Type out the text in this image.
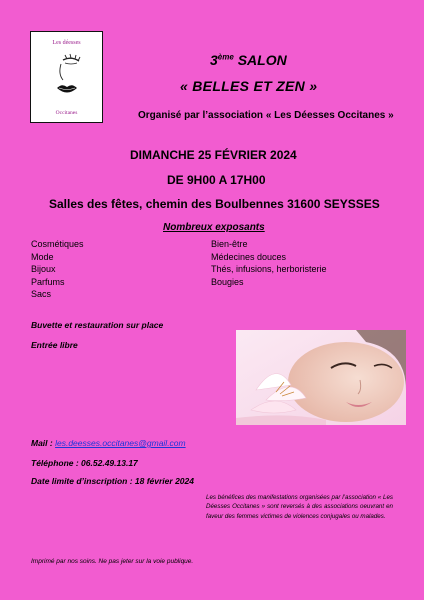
Les déesses
Occitanes
3ème SALON
« BELLES ET ZEN »
Organisé par l’association « Les Déesses Occitanes »
DIMANCHE 25 FÉVRIER 2024
DE 9H00 A 17H00
Salles des fêtes, chemin des Boulbennes 31600 SEYSSES
Nombreux exposants
Cosmétiques
Mode
Bijoux
Parfums
Sacs
Bien-être
Médecines douces
Thés, infusions, herboristerie
Bougies
Buvette et restauration sur place
Entrée libre
Mail : les.deesses.occitanes@gmail.com
Téléphone : 06.52.49.13.17
Date limite d’inscription : 18 février 2024
Les bénéfices des manifestations organisées par l’association « Les Déesses Occitanes » sont reversés à des associations oeuvrant en faveur des femmes victimes de violences conjugales ou malades.
Imprimé par nos soins. Ne pas jeter sur la voie publique.
